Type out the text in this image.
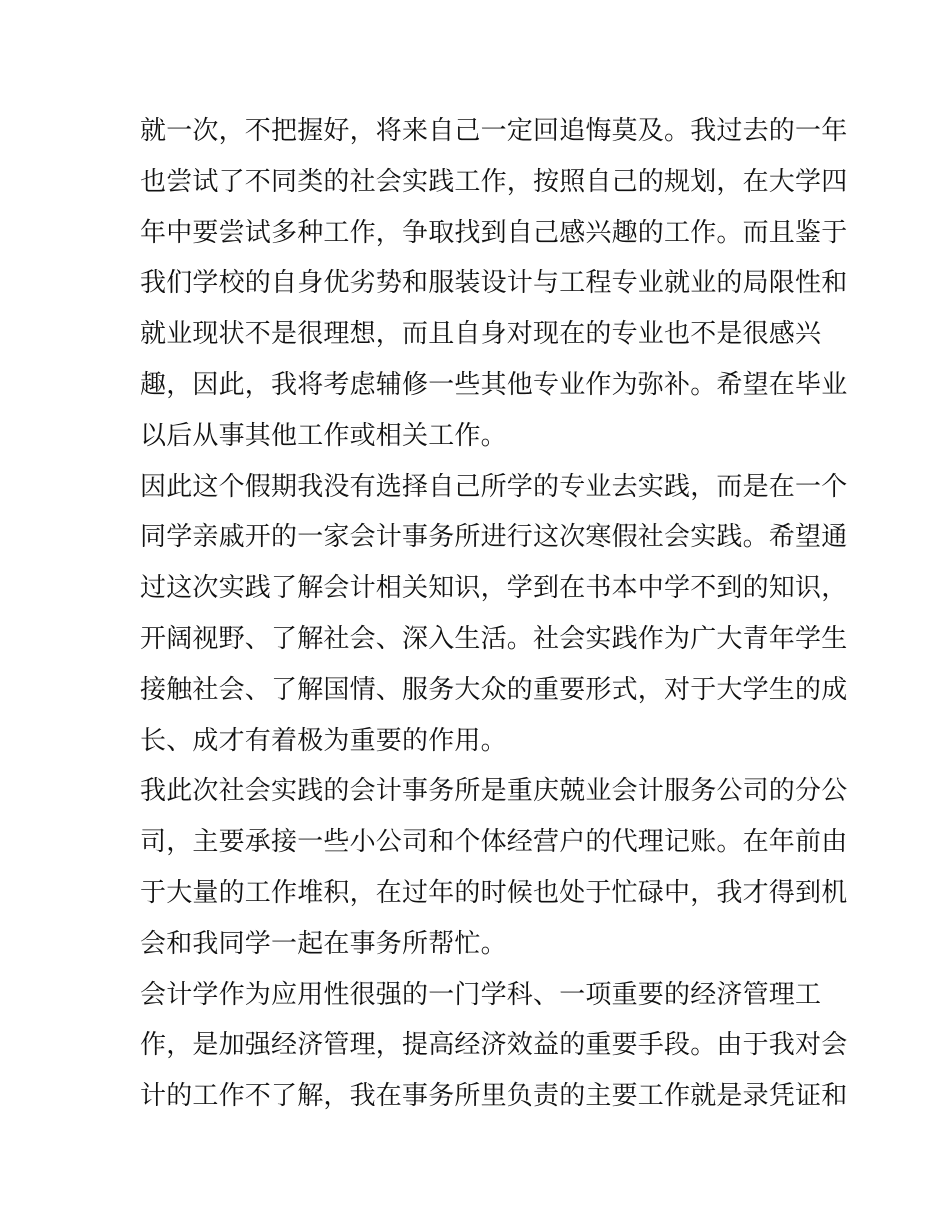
就一次，不把握好，将来自己一定回追悔莫及。我过去的一年
也尝试了不同类的社会实践工作，按照自己的规划，在大学四
年中要尝试多种工作，争取找到自己感兴趣的工作。而且鉴于
我们学校的自身优劣势和服装设计与工程专业就业的局限性和
就业现状不是很理想，而且自身对现在的专业也不是很感兴
趣，因此，我将考虑辅修一些其他专业作为弥补。希望在毕业
以后从事其他工作或相关工作。
因此这个假期我没有选择自己所学的专业去实践，而是在一个
同学亲戚开的一家会计事务所进行这次寒假社会实践。希望通
过这次实践了解会计相关知识，学到在书本中学不到的知识，
开阔视野、了解社会、深入生活。社会实践作为广大青年学生
接触社会、了解国情、服务大众的重要形式，对于大学生的成
长、成才有着极为重要的作用。
我此次社会实践的会计事务所是重庆兢业会计服务公司的分公
司，主要承接一些小公司和个体经营户的代理记账。在年前由
于大量的工作堆积，在过年的时候也处于忙碌中，我才得到机
会和我同学一起在事务所帮忙。
会计学作为应用性很强的一门学科、一项重要的经济管理工
作，是加强经济管理，提高经济效益的重要手段。由于我对会
计的工作不了解，我在事务所里负责的主要工作就是录凭证和
